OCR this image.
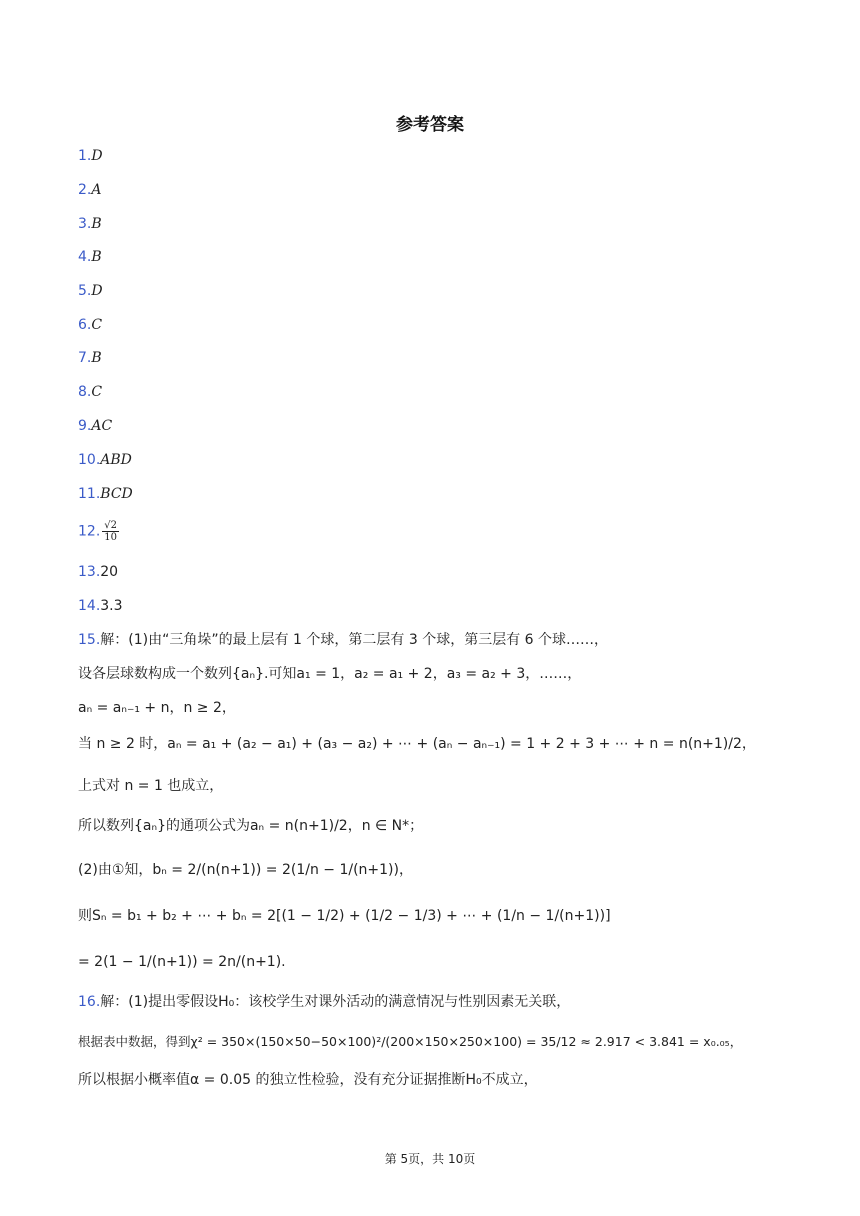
参考答案
1.D
2.A
3.B
4.B
5.D
6.C
7.B
8.C
9.AC
10.ABD
11.BCD
12. $\frac{√2}{10}$
13.20
14.3.3
15.解：(1)由“三角垛”的最上层有 1 个球，第二层有 3 个球，第三层有 6 个球……，
设各层球数构成一个数列{aₙ}.可知a₁ = 1，a₂ = a₁ + 2，a₃ = a₂ + 3，……，
aₙ = aₙ₋₁ + n，n ≥ 2，
当 n ≥ 2 时，aₙ = a₁ + (a₂ − a₁) + (a₃ − a₂) + ⋯ + (aₙ − aₙ₋₁) = 1 + 2 + 3 + ⋯ + n = n(n+1)/2，
上式对 n = 1 也成立，
所以数列{aₙ}的通项公式为aₙ = n(n+1)/2，n ∈ N*；
(2)由①知，bₙ = 2/(n(n+1)) = 2(1/n − 1/(n+1))，
则Sₙ = b₁ + b₂ + ⋯ + bₙ = 2[(1 − 1/2) + (1/2 − 1/3) + ⋯ + (1/n − 1/(n+1))]
= 2(1 − 1/(n+1)) = 2n/(n+1).
16.解：(1)提出零假设H₀：该校学生对课外活动的满意情况与性别因素无关联，
根据表中数据，得到χ² = 350×(150×50−50×100)²/(200×150×250×100) = 35/12 ≈ 2.917 < 3.841 = x₀.₀₅，
所以根据小概率值α = 0.05 的独立性检验，没有充分证据推断H₀不成立，
第 5页，共 10页
